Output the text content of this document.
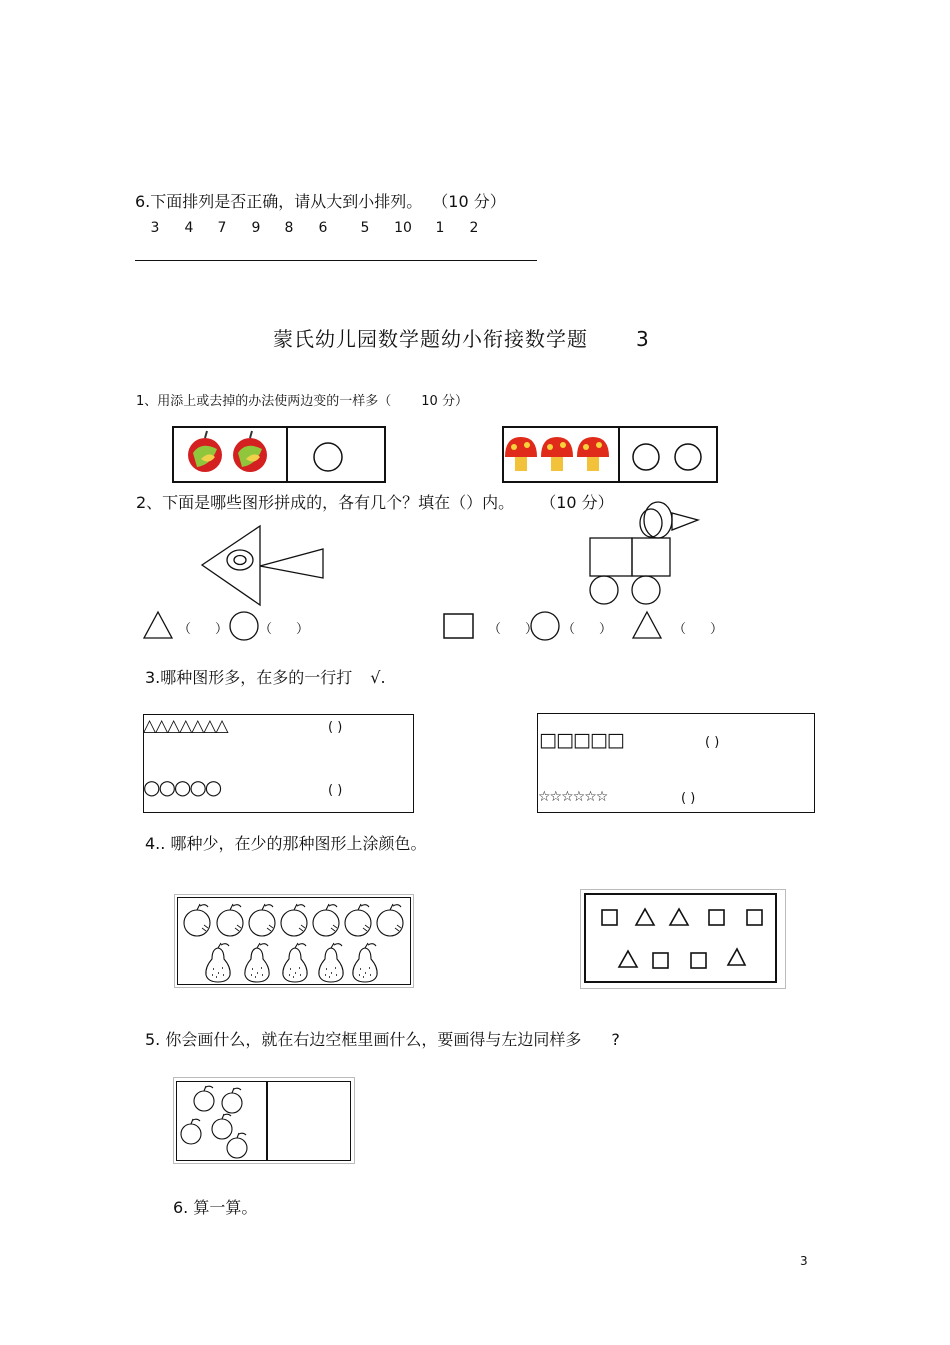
6.下面排列是否正确，请从大到小排列。 （10 分）
3	4	7	9	8	6	5	10	1	2
蒙氏幼儿园数学题幼小衔接数学题 3
1、用添上或去掉的办法使两边变的一样多（ 10 分）
2、下面是哪些图形拼成的，各有几个？填在（）内。 （10 分）
（ ） （ ）	（ ） （ ）	（ ）
3.哪种图形多，在多的一行打 √.
△△△△△△△	( )
○○○○○	( )
□□□□□	( )
☆☆☆☆☆☆	( )
4.. 哪种少，在少的那种图形上涂颜色。
5. 你会画什么，就在右边空框里画什么，要画得与左边同样多 ?
6. 算一算。
3
